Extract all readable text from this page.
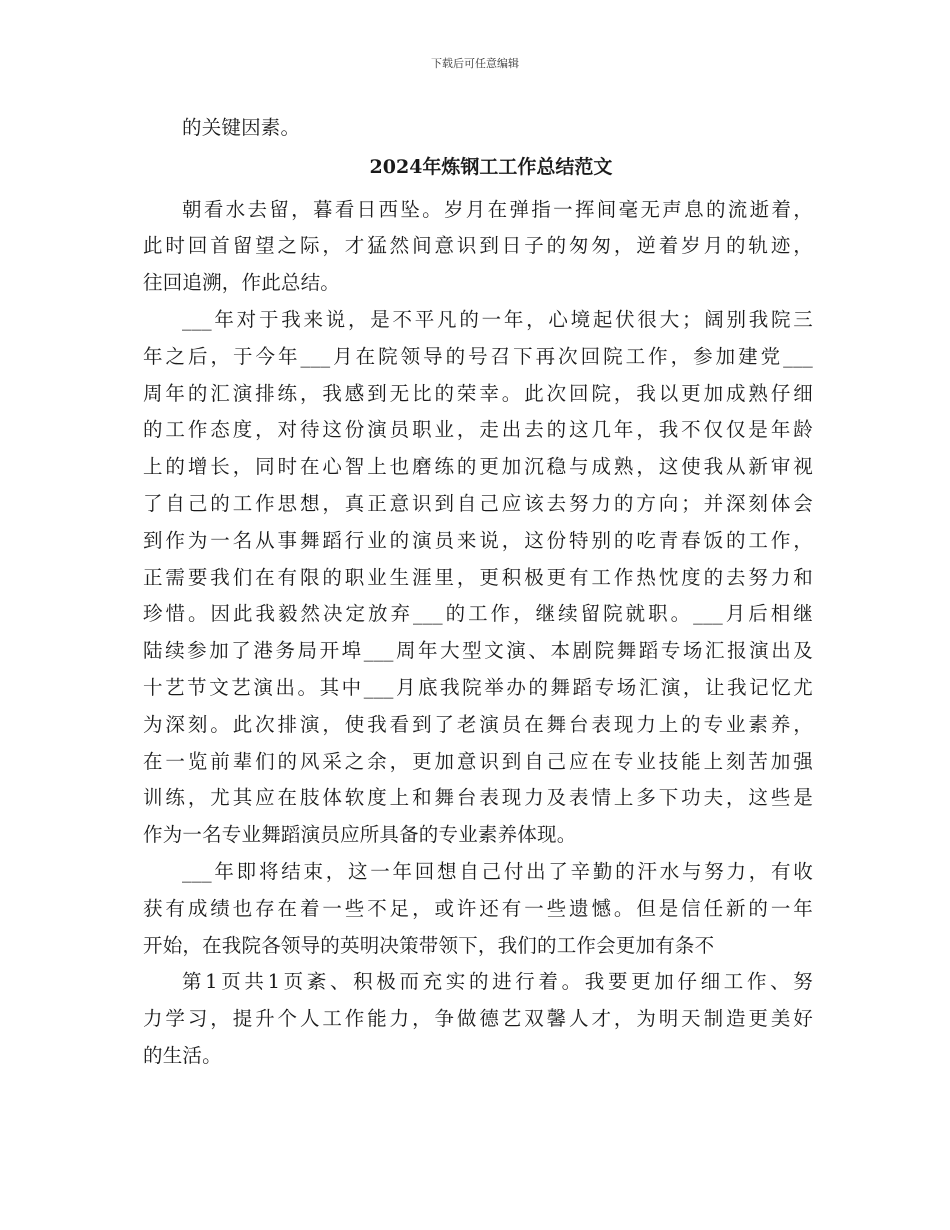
下载后可任意编辑
的关键因素。
2024年炼钢工工作总结范文
朝看水去留，暮看日西坠。岁月在弹指一挥间毫无声息的流逝着，
此时回首留望之际，才猛然间意识到日子的匆匆，逆着岁月的轨迹，
往回追溯，作此总结。
___年对于我来说，是不平凡的一年，心境起伏很大；阔别我院三
年之后，于今年___月在院领导的号召下再次回院工作，参加建党___
周年的汇演排练，我感到无比的荣幸。此次回院，我以更加成熟仔细
的工作态度，对待这份演员职业，走出去的这几年，我不仅仅是年龄
上的增长，同时在心智上也磨练的更加沉稳与成熟，这使我从新审视
了自己的工作思想，真正意识到自己应该去努力的方向；并深刻体会
到作为一名从事舞蹈行业的演员来说，这份特别的吃青春饭的工作，
正需要我们在有限的职业生涯里，更积极更有工作热忱度的去努力和
珍惜。因此我毅然决定放弃___的工作，继续留院就职。___月后相继
陆续参加了港务局开埠___周年大型文演、本剧院舞蹈专场汇报演出及
十艺节文艺演出。其中___月底我院举办的舞蹈专场汇演，让我记忆尤
为深刻。此次排演，使我看到了老演员在舞台表现力上的专业素养，
在一览前辈们的风采之余，更加意识到自己应在专业技能上刻苦加强
训练，尤其应在肢体软度上和舞台表现力及表情上多下功夫，这些是
作为一名专业舞蹈演员应所具备的专业素养体现。
___年即将结束，这一年回想自己付出了辛勤的汗水与努力，有收
获有成绩也存在着一些不足，或许还有一些遗憾。但是信任新的一年
开始，在我院各领导的英明决策带领下，我们的工作会更加有条不
第1页共1页紊、积极而充实的进行着。我要更加仔细工作、努
力学习，提升个人工作能力，争做德艺双馨人才，为明天制造更美好
的生活。
